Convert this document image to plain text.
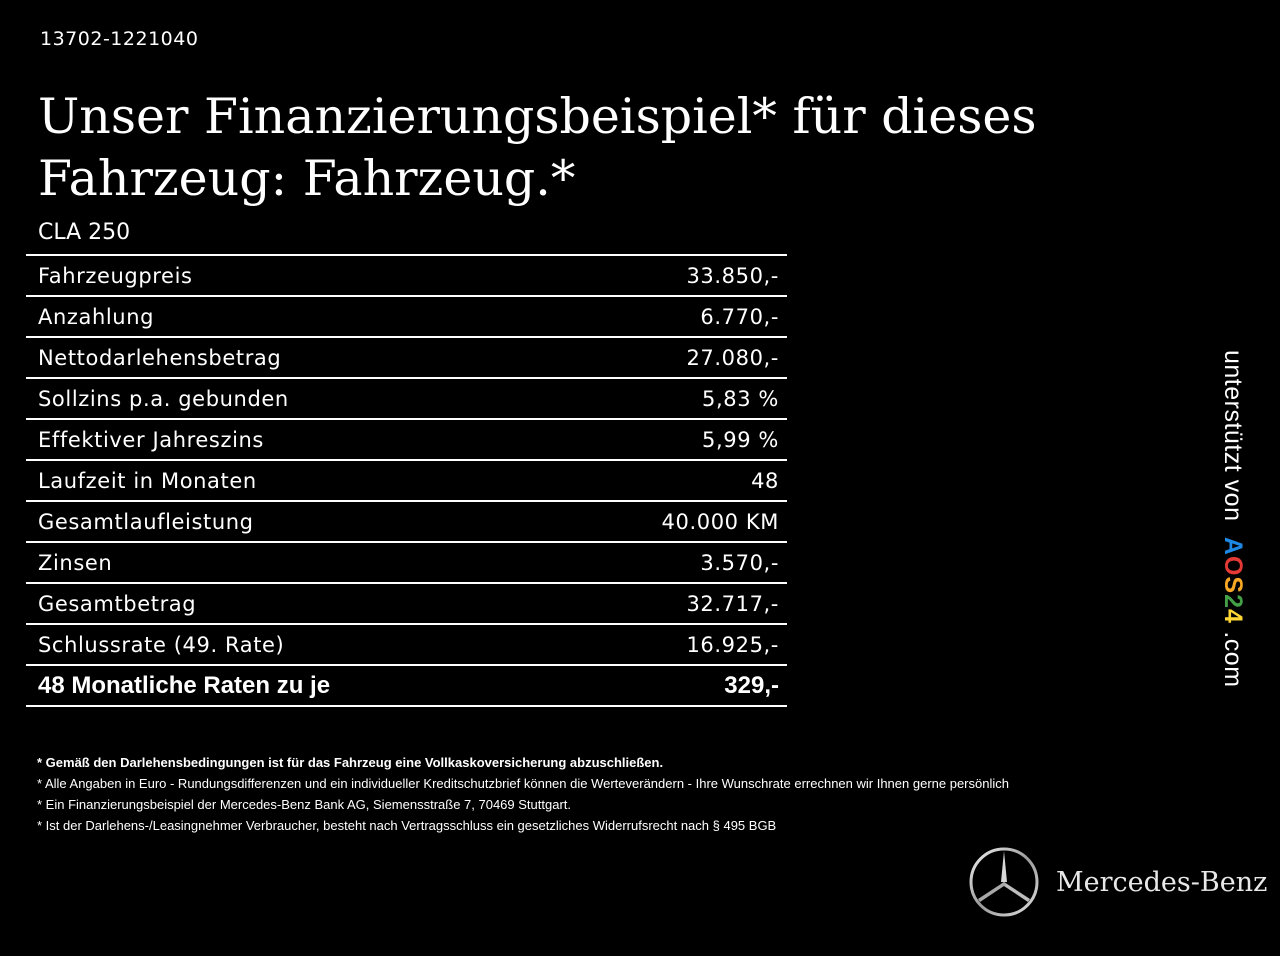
13702-1221040
Unser Finanzierungsbeispiel* für dieses Fahrzeug: Fahrzeug.*
CLA 250
Fahrzeugpreis	33.850,-
Anzahlung	6.770,-
Nettodarlehensbetrag	27.080,-
Sollzins p.a. gebunden	5,83 %
Effektiver Jahreszins	5,99 %
Laufzeit in Monaten	48
Gesamtlaufleistung	40.000 KM
Zinsen	3.570,-
Gesamtbetrag	32.717,-
Schlussrate (49. Rate)	16.925,-
48 Monatliche Raten zu je	329,-
* Gemäß den Darlehensbedingungen ist für das Fahrzeug eine Vollkaskoversicherung abzuschließen.
* Alle Angaben in Euro - Rundungsdifferenzen und ein individueller Kreditschutzbrief können die Werteverändern - Ihre Wunschrate errechnen wir Ihnen gerne persönlich
* Ein Finanzierungsbeispiel der Mercedes-Benz Bank AG, Siemensstraße 7, 70469 Stuttgart.
* Ist der Darlehens-/Leasingnehmer Verbraucher, besteht nach Vertragsschluss ein gesetzliches Widerrufsrecht nach § 495 BGB
unterstützt von  AOS24 .com
Mercedes-Benz
